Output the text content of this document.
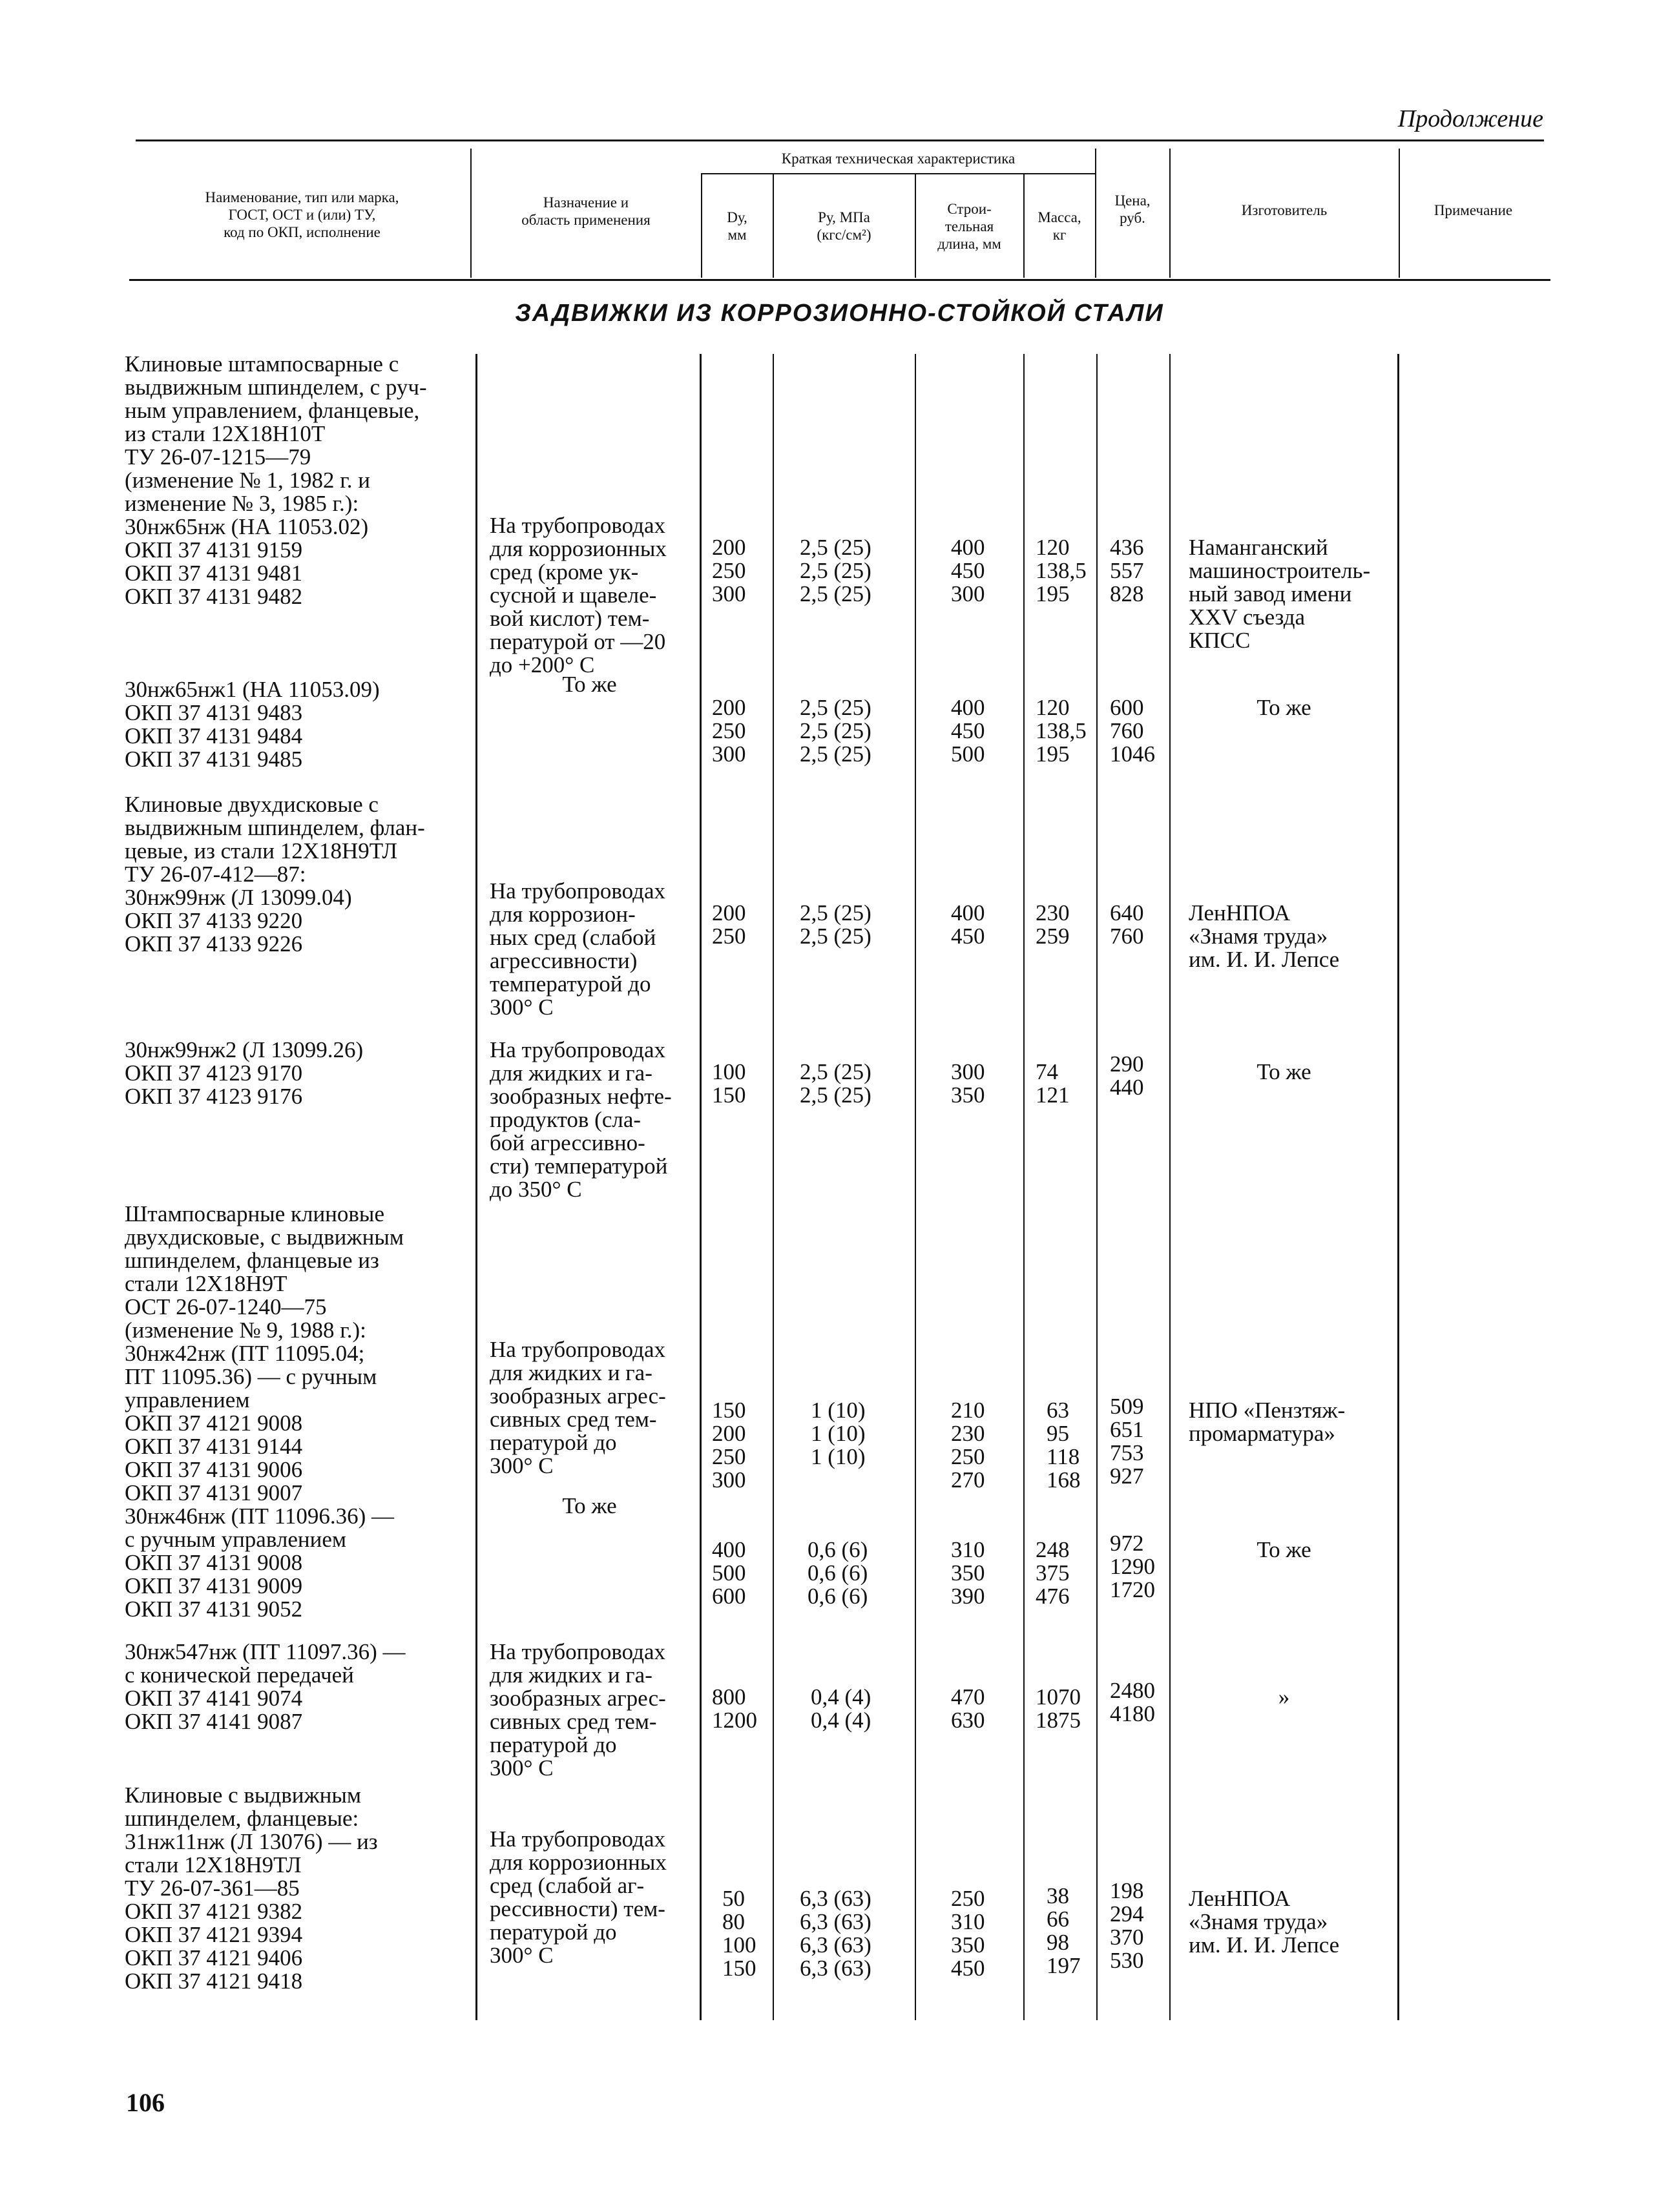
Продолжение
Наименование, тип или марка,
ГОСТ, ОСТ и (или) ТУ,
код по ОКП, исполнение
Назначение и
область применения
Краткая техническая характеристика
Dу,
мм
Pу, МПа
(кгс/см²)
Строи-
тельная
длина, мм
Масса,
кг
Цена,
руб.	Изготовитель	Примечание
ЗАДВИЖКИ ИЗ КОРРОЗИОННО-СТОЙКОЙ СТАЛИ
Клиновые штампосварные с
выдвижным шпинделем, с руч-
ным управлением, фланцевые,
из стали 12Х18Н10Т
ТУ 26-07-1215—79
(изменение № 1, 1982 г. и
изменение № 3, 1985 г.):
30нж65нж (НА 11053.02)
ОКП 37 4131 9159
ОКП 37 4131 9481
ОКП 37 4131 9482
На трубопроводах
для коррозионных
сред (кроме ук-
сусной и щавеле-
вой кислот) тем-
пературой от —20
до +200° С
200
250
300
2,5 (25)
2,5 (25)
2,5 (25)
400
450
300
120
138,5
195
436
557
828
Наманганский
машиностроитель-
ный завод имени
XXV съезда
КПСС
30нж65нж1 (НА 11053.09)
ОКП 37 4131 9483
ОКП 37 4131 9484
ОКП 37 4131 9485
То же
200
250
300
2,5 (25)
2,5 (25)
2,5 (25)
400
450
500
120
138,5
195
600
760
1046
То же
Клиновые двухдисковые с
выдвижным шпинделем, флан-
цевые, из стали 12Х18Н9ТЛ
ТУ 26-07-412—87:
30нж99нж (Л 13099.04)
ОКП 37 4133 9220
ОКП 37 4133 9226
На трубопроводах
для коррозион-
ных сред (слабой
агрессивности)
температурой до
300° С
200
250
2,5 (25)
2,5 (25)
400
450
230
259
640
760
ЛенНПОА
«Знамя труда»
им. И. И. Лепсе
30нж99нж2 (Л 13099.26)
ОКП 37 4123 9170
ОКП 37 4123 9176
На трубопроводах
для жидких и га-
зообразных нефте-
продуктов (сла-
бой агрессивно-
сти) температурой
до 350° С
100
150
2,5 (25)
2,5 (25)
300
350
74
121
290
440
То же
Штампосварные клиновые
двухдисковые, с выдвижным
шпинделем, фланцевые из
стали 12Х18Н9Т
ОСТ 26-07-1240—75
(изменение № 9, 1988 г.):
30нж42нж (ПТ 11095.04;
ПТ 11095.36) — с ручным
управлением
ОКП 37 4121 9008
ОКП 37 4131 9144
ОКП 37 4131 9006
ОКП 37 4131 9007
На трубопроводах
для жидких и га-
зообразных агрес-
сивных сред тем-
пературой до
300° С
150
200
250
300
1 (10)
1 (10)
1 (10)
210
230
250
270
63
95
118
168
509
651
753
927
НПО «Пензтяж-
промарматура»
30нж46нж (ПТ 11096.36) —
с ручным управлением
ОКП 37 4131 9008
ОКП 37 4131 9009
ОКП 37 4131 9052
То же
400
500
600
0,6 (6)
0,6 (6)
0,6 (6)
310
350
390
248
375
476
972
1290
1720
То же
30нж547нж (ПТ 11097.36) —
с конической передачей
ОКП 37 4141 9074
ОКП 37 4141 9087
На трубопроводах
для жидких и га-
зообразных агрес-
сивных сред тем-
пературой до
300° С
800
1200
0,4 (4)
0,4 (4)
470
630
1070
1875
2480
4180
»
Клиновые с выдвижным
шпинделем, фланцевые:
31нж11нж (Л 13076) — из
стали 12Х18Н9ТЛ
ТУ 26-07-361—85
ОКП 37 4121 9382
ОКП 37 4121 9394
ОКП 37 4121 9406
ОКП 37 4121 9418
На трубопроводах
для коррозионных
сред (слабой аг-
рессивности) тем-
пературой до
300° С
50
80
100
150
6,3 (63)
6,3 (63)
6,3 (63)
6,3 (63)
250
310
350
450
38
66
98
197
198
294
370
530
ЛенНПОА
«Знамя труда»
им. И. И. Лепсе
106
